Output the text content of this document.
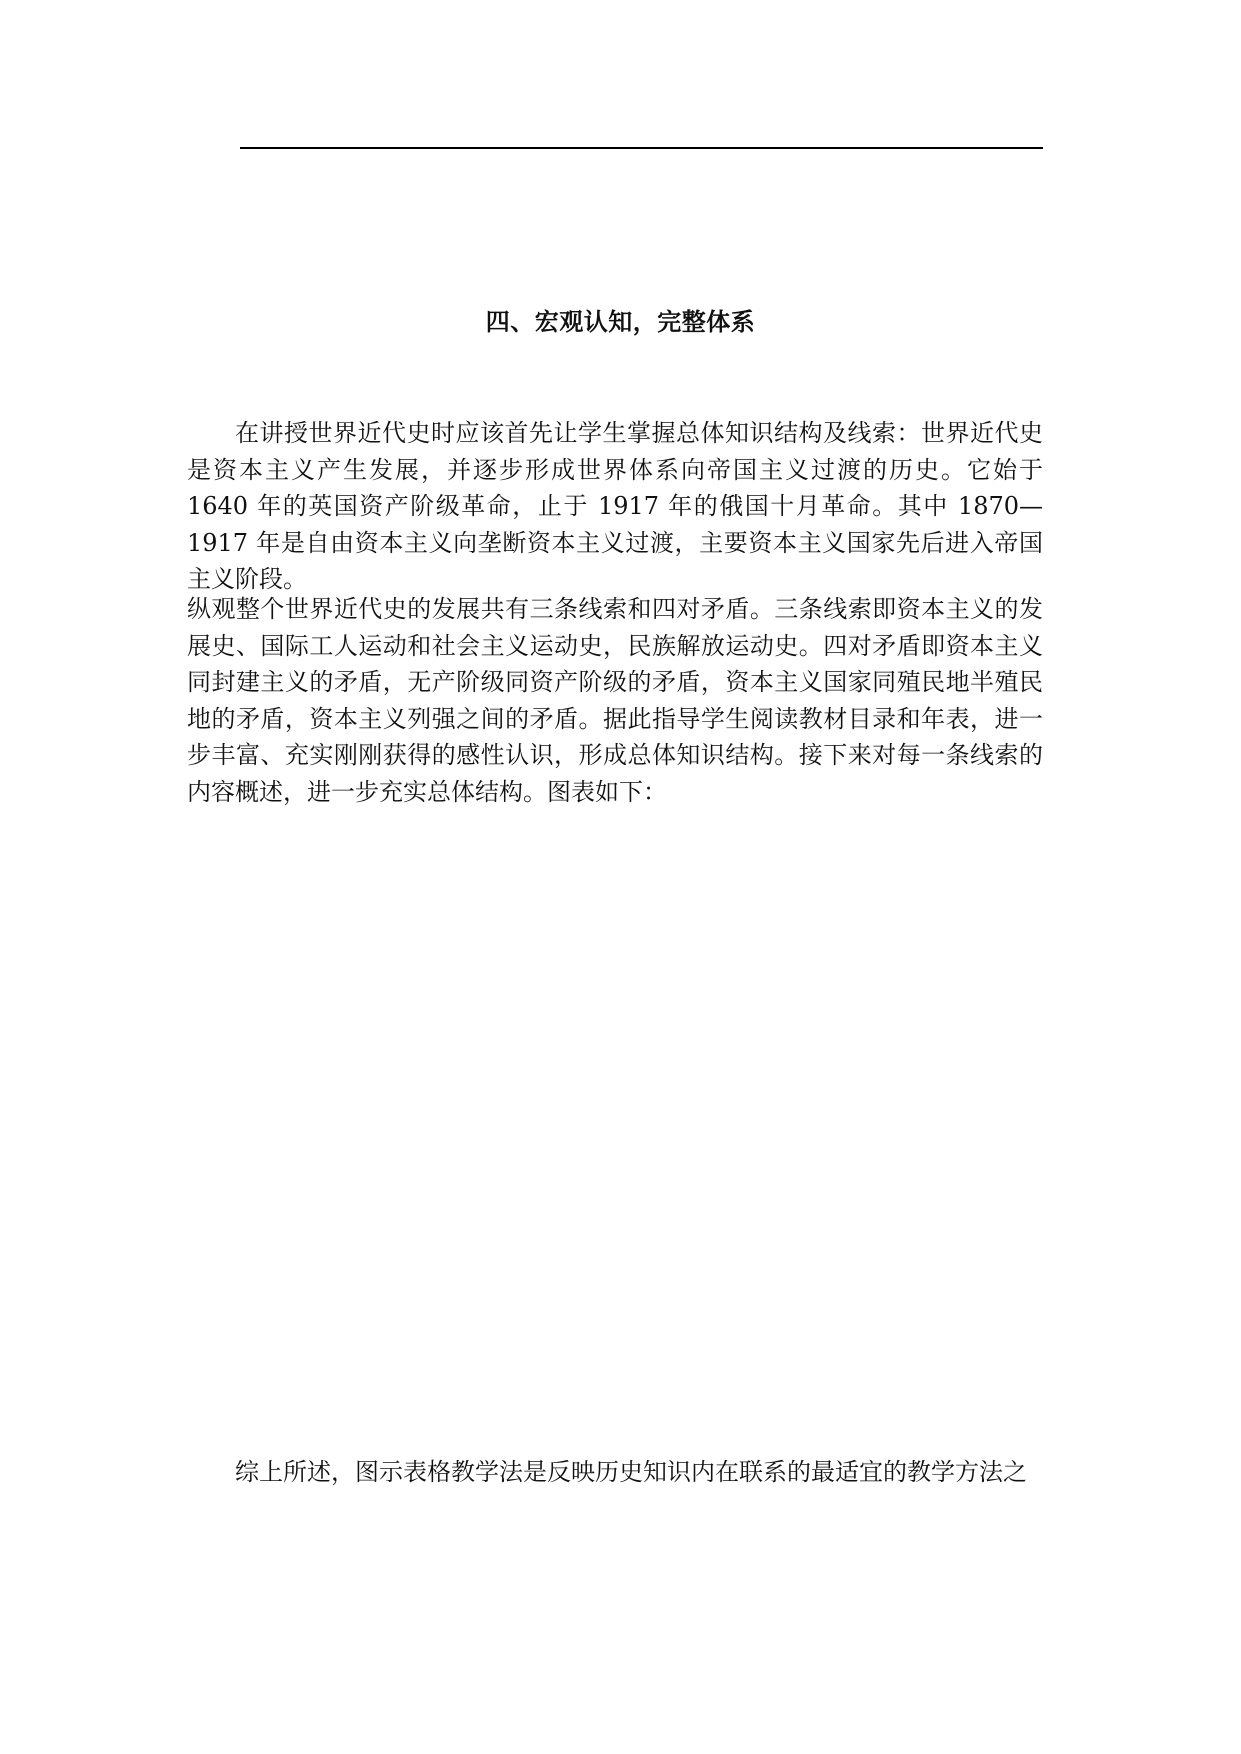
四、宏观认知，完整体系

在讲授世界近代史时应该首先让学生掌握总体知识结构及线索：世界近代史是资本主义产生发展，并逐步形成世界体系向帝国主义过渡的历史。它始于 1640 年的英国资产阶级革命，止于 1917 年的俄国十月革命。其中 1870—1917 年是自由资本主义向垄断资本主义过渡，主要资本主义国家先后进入帝国主义阶段。

纵观整个世界近代史的发展共有三条线索和四对矛盾。三条线索即资本主义的发展史、国际工人运动和社会主义运动史，民族解放运动史。四对矛盾即资本主义同封建主义的矛盾，无产阶级同资产阶级的矛盾，资本主义国家同殖民地半殖民地的矛盾，资本主义列强之间的矛盾。据此指导学生阅读教材目录和年表，进一步丰富、充实刚刚获得的感性认识，形成总体知识结构。接下来对每一条线索的内容概述，进一步充实总体结构。图表如下：

综上所述，图示表格教学法是反映历史知识内在联系的最适宜的教学方法之
